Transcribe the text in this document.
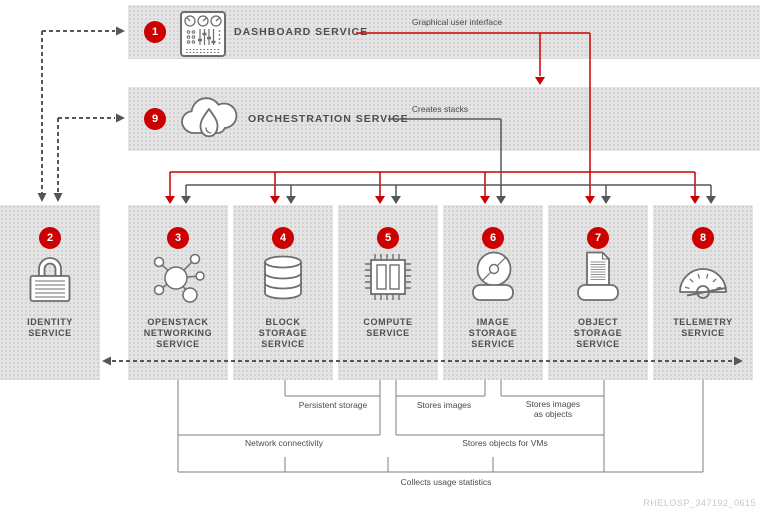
1	DASHBOARD SERVICE
9	ORCHESTRATION SERVICE
2
IDENTITY
SERVICE
3
OPENSTACK
NETWORKING
SERVICE
4
BLOCK
STORAGE
SERVICE
5
COMPUTE
SERVICE
6
IMAGE
STORAGE
SERVICE
7
OBJECT
STORAGE
SERVICE
8
TELEMETRY
SERVICE
Graphical user interface
Creates stacks
Persistent storage	Stores images	Stores images
as objects
Network connectivity	Stores objects for VMs
Collects usage statistics
RHELOSP_347192_0615
